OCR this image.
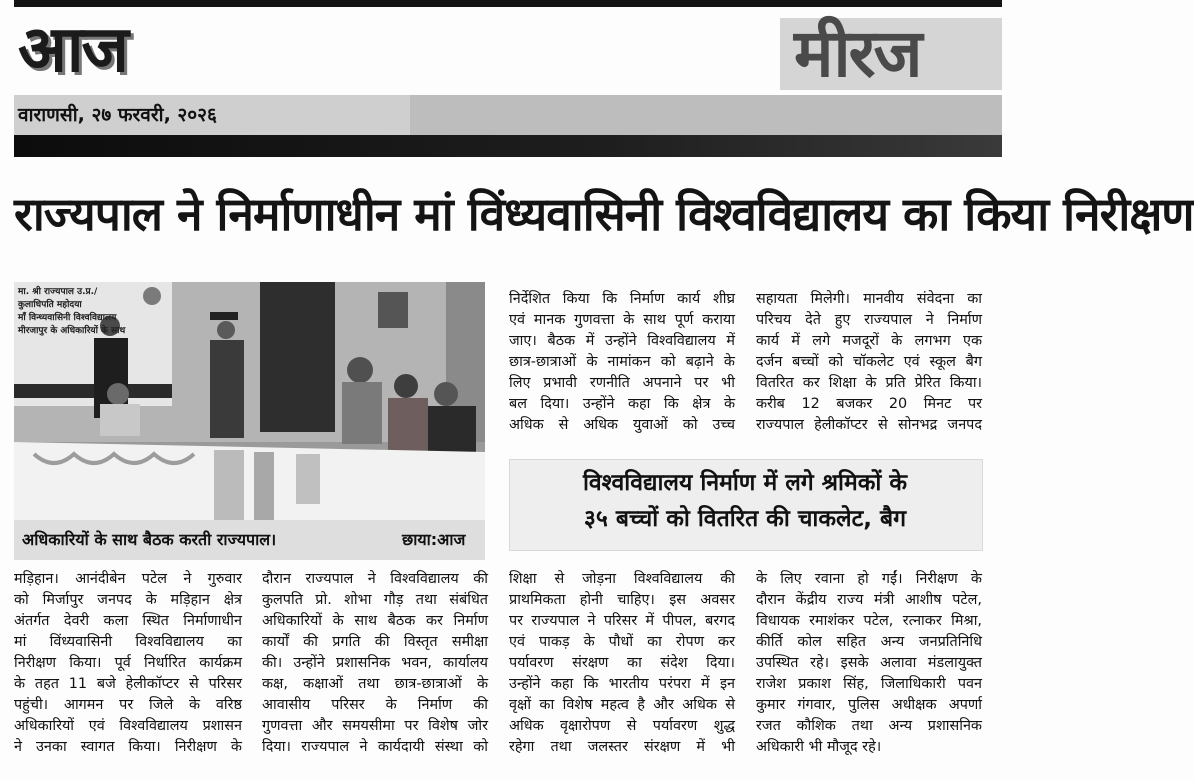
आज	मीरज
वाराणसी, २७ फरवरी, २०२६
राज्यपाल ने निर्माणाधीन मां विंध्यवासिनी विश्वविद्यालय का किया निरीक्षण
मा. श्री राज्यपाल उ.प्र./
कुलाधिपति महोदया
माँ विन्ध्यवासिनी विश्वविद्यालय
मीरजापुर के अधिकारियों के साथ
अधिकारियों के साथ बैठक करती राज्यपाल।	छाया:आज
निर्देशित किया कि निर्माण कार्य शीघ्र
एवं मानक गुणवत्ता के साथ पूर्ण कराया
जाए। बैठक में उन्होंने विश्वविद्यालय में
छात्र-छात्राओं के नामांकन को बढ़ाने के
लिए प्रभावी रणनीति अपनाने पर भी
बल दिया। उन्होंने कहा कि क्षेत्र के
अधिक से अधिक युवाओं को उच्च
सहायता मिलेगी। मानवीय संवेदना का
परिचय देते हुए राज्यपाल ने निर्माण
कार्य में लगे मजदूरों के लगभग एक
दर्जन बच्चों को चॉकलेट एवं स्कूल बैग
वितरित कर शिक्षा के प्रति प्रेरित किया।
करीब 12 बजकर 20 मिनट पर
राज्यपाल हेलीकॉप्टर से सोनभद्र जनपद
विश्वविद्यालय निर्माण में लगे श्रमिकों के
३५ बच्चों को वितरित की चाकलेट, बैग
मड़िहान। आनंदीबेन पटेल ने गुरुवार
को मिर्जापुर जनपद के मड़िहान क्षेत्र
अंतर्गत देवरी कला स्थित निर्माणाधीन
मां विंध्यवासिनी विश्वविद्यालय का
निरीक्षण किया। पूर्व निर्धारित कार्यक्रम
के तहत 11 बजे हेलीकॉप्टर से परिसर
पहुंची। आगमन पर जिले के वरिष्ठ
अधिकारियों एवं विश्वविद्यालय प्रशासन
ने उनका स्वागत किया। निरीक्षण के
दौरान राज्यपाल ने विश्वविद्यालय की
कुलपति प्रो. शोभा गौड़ तथा संबंधित
अधिकारियों के साथ बैठक कर निर्माण
कार्यों की प्रगति की विस्तृत समीक्षा
की। उन्होंने प्रशासनिक भवन, कार्यालय
कक्ष, कक्षाओं तथा छात्र-छात्राओं के
आवासीय परिसर के निर्माण की
गुणवत्ता और समयसीमा पर विशेष जोर
दिया। राज्यपाल ने कार्यदायी संस्था को
शिक्षा से जोड़ना विश्वविद्यालय की
प्राथमिकता होनी चाहिए। इस अवसर
पर राज्यपाल ने परिसर में पीपल, बरगद
एवं पाकड़ के पौधों का रोपण कर
पर्यावरण संरक्षण का संदेश दिया।
उन्होंने कहा कि भारतीय परंपरा में इन
वृक्षों का विशेष महत्व है और अधिक से
अधिक वृक्षारोपण से पर्यावरण शुद्ध
रहेगा तथा जलस्तर संरक्षण में भी
के लिए रवाना हो गईं। निरीक्षण के
दौरान केंद्रीय राज्य मंत्री आशीष पटेल,
विधायक रमाशंकर पटेल, रत्नाकर मिश्रा,
कीर्ति कोल सहित अन्य जनप्रतिनिधि
उपस्थित रहे। इसके अलावा मंडलायुक्त
राजेश प्रकाश सिंह, जिलाधिकारी पवन
कुमार गंगवार, पुलिस अधीक्षक अपर्णा
रजत कौशिक तथा अन्य प्रशासनिक
अधिकारी भी मौजूद रहे।
